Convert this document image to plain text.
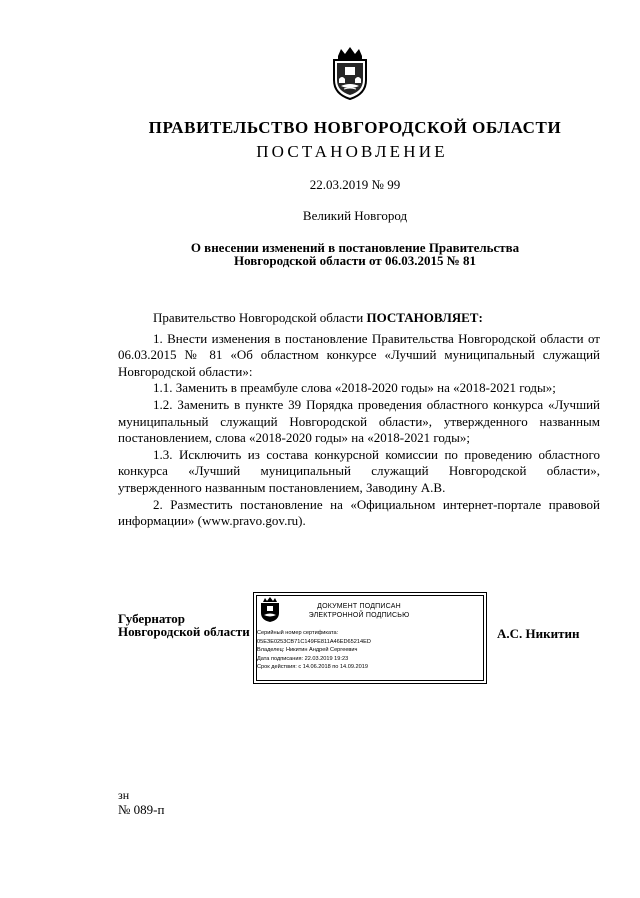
ПРАВИТЕЛЬСТВО НОВГОРОДСКОЙ ОБЛАСТИ
ПОСТАНОВЛЕНИЕ
22.03.2019 № 99
Великий Новгород
О внесении изменений в постановление Правительства
Новгородской области от 06.03.2015 № 81

Правительство Новгородской области ПОСТАНОВЛЯЕТ:

1. Внести изменения в постановление Правительства Новгородской области от 06.03.2015 № 81 «Об областном конкурсе «Лучший муниципальный служащий Новгородской области»:

1.1. Заменить в преамбуле слова «2018-2020 годы» на «2018-2021 годы»;

1.2. Заменить в пункте 39 Порядка проведения областного конкурса «Лучший муниципальный служащий Новгородской области», утвержденного названным постановлением, слова «2018-2020 годы» на «2018-2021 годы»;

1.3. Исключить из состава конкурсной комиссии по проведению областного конкурса «Лучший муниципальный служащий Новгородской области», утвержденного названным постановлением, Заводину А.В.

2. Разместить постановление на «Официальном интернет-портале правовой информации» (www.pravo.gov.ru).

Губернатор
Новгородской области
ДОКУМЕНТ ПОДПИСАН
ЭЛЕКТРОННОЙ ПОДПИСЬЮ
Серийный номер сертификата:
05ЕЗЕ0253СВ71С149FE811А46ЕD65214ЕD
Владелец: Никитин Андрей Сергеевич
Дата подписания: 22.03.2019 19:23
Срок действия: с 14.06.2018 по 14.09.2019
А.С. Никитин
зн
№ 089-п
